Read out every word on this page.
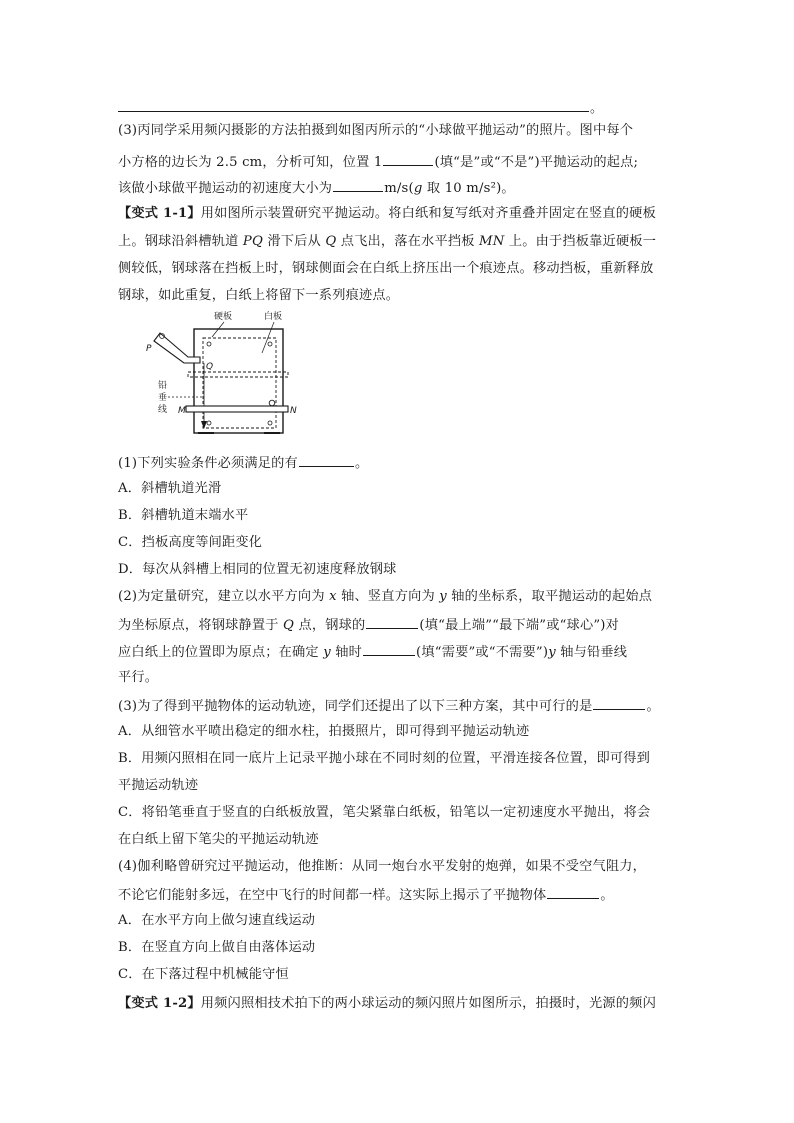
。
(3)丙同学采用频闪摄影的方法拍摄到如图丙所示的“小球做平抛运动”的照片。图中每个
小方格的边长为 2.5 cm，分析可知，位置 1	(填“是”或“不是”)平抛运动的起点;
该做小球做平抛运动的初速度大小为	m/s(g 取 10 m/s²)。
【变式 1-1】用如图所示装置研究平抛运动。将白纸和复写纸对齐重叠并固定在竖直的硬板
上。钢球沿斜槽轨道 PQ 滑下后从 Q 点飞出，落在水平挡板 MN 上。由于挡板靠近硬板一
侧较低，钢球落在挡板上时，钢球侧面会在白纸上挤压出一个痕迹点。移动挡板，重新释放
钢球，如此重复，白纸上将留下一系列痕迹点。
硬板	白板
P
Q
铅
垂
线 M	N
(1)下列实验条件必须满足的有	。
A．斜槽轨道光滑
B．斜槽轨道末端水平
C．挡板高度等间距变化
D．每次从斜槽上相同的位置无初速度释放钢球
(2)为定量研究，建立以水平方向为 x 轴、竖直方向为 y 轴的坐标系，取平抛运动的起始点
为坐标原点，将钢球静置于 Q 点，钢球的	(填“最上端”“最下端”或“球心”)对
应白纸上的位置即为原点；在确定 y 轴时	(填“需要”或“不需要”)y 轴与铅垂线
平行。
(3)为了得到平抛物体的运动轨迹，同学们还提出了以下三种方案，其中可行的是	。
A．从细管水平喷出稳定的细水柱，拍摄照片，即可得到平抛运动轨迹
B．用频闪照相在同一底片上记录平抛小球在不同时刻的位置，平滑连接各位置，即可得到
平抛运动轨迹
C．将铅笔垂直于竖直的白纸板放置，笔尖紧靠白纸板，铅笔以一定初速度水平抛出，将会
在白纸上留下笔尖的平抛运动轨迹
(4)伽利略曾研究过平抛运动，他推断：从同一炮台水平发射的炮弹，如果不受空气阻力，
不论它们能射多远，在空中飞行的时间都一样。这实际上揭示了平抛物体	。
A．在水平方向上做匀速直线运动
B．在竖直方向上做自由落体运动
C．在下落过程中机械能守恒
【变式 1-2】用频闪照相技术拍下的两小球运动的频闪照片如图所示，拍摄时，光源的频闪
